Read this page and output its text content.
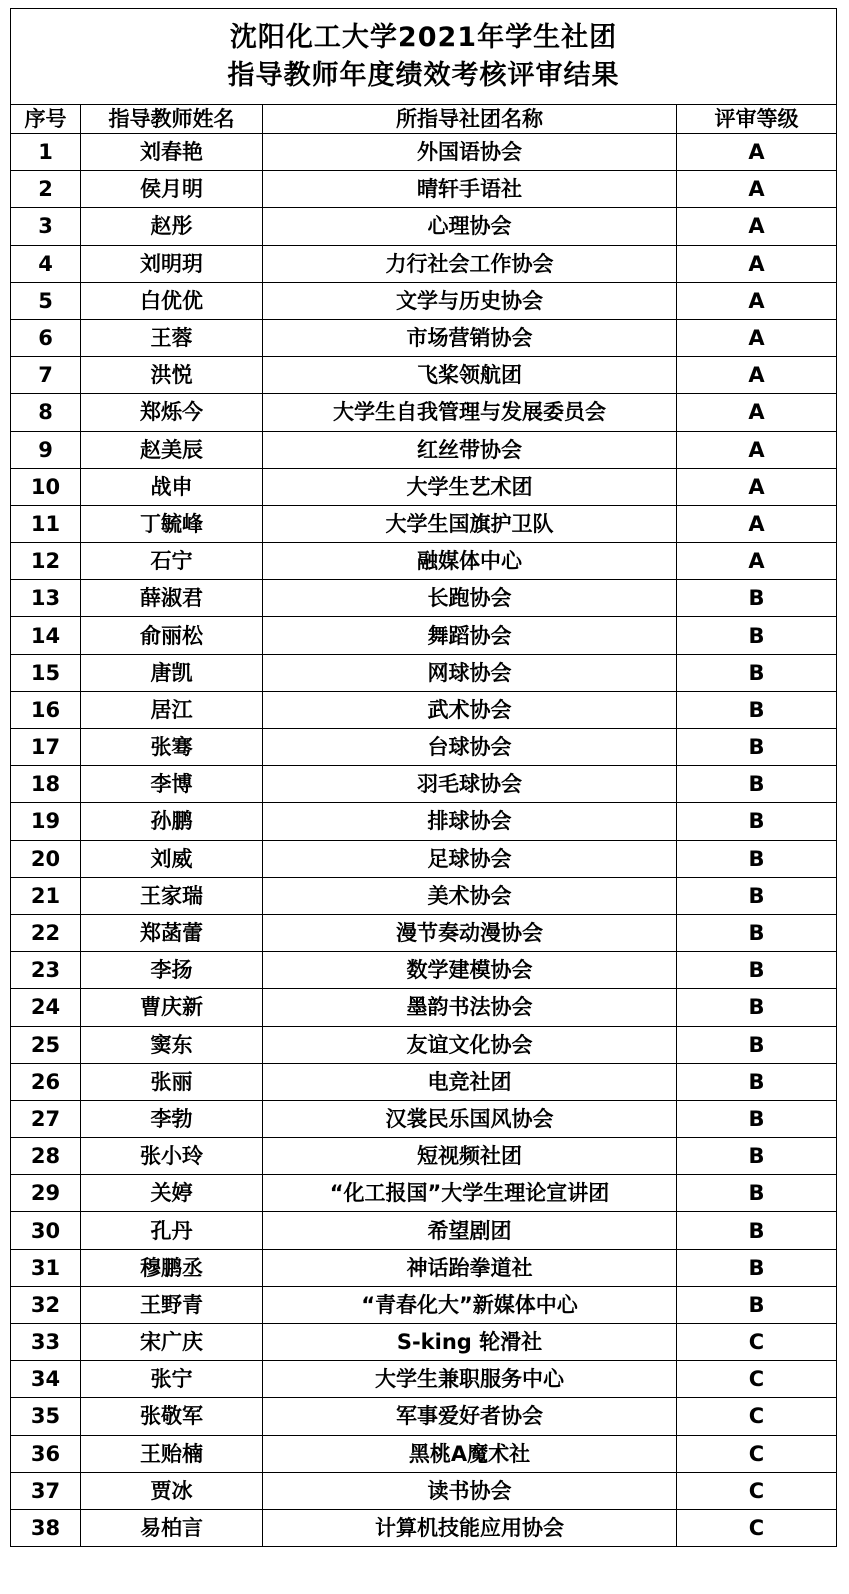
沈阳化工大学2021年学生社团
指导教师年度绩效考核评审结果			

序号	指导教师姓名	所指导社团名称	评审等级
1	刘春艳	外国语协会	A
2	侯月明	晴轩手语社	A
3	赵彤	心理协会	A
4	刘明玥	力行社会工作协会	A
5	白优优	文学与历史协会	A
6	王蓉	市场营销协会	A
7	洪悦	飞桨领航团	A
8	郑烁今	大学生自我管理与发展委员会	A
9	赵美辰	红丝带协会	A
10	战申	大学生艺术团	A
11	丁毓峰	大学生国旗护卫队	A
12	石宁	融媒体中心	A
13	薛淑君	长跑协会	B
14	俞丽松	舞蹈协会	B
15	唐凯	网球协会	B
16	居江	武术协会	B
17	张骞	台球协会	B
18	李博	羽毛球协会	B
19	孙鹏	排球协会	B
20	刘威	足球协会	B
21	王家瑞	美术协会	B
22	郑菡蕾	漫节奏动漫协会	B
23	李扬	数学建模协会	B
24	曹庆新	墨韵书法协会	B
25	窦东	友谊文化协会	B
26	张丽	电竞社团	B
27	李勃	汉裳民乐国风协会	B
28	张小玲	短视频社团	B
29	关婷	“化工报国”大学生理论宣讲团	B
30	孔丹	希望剧团	B
31	穆鹏丞	神话跆拳道社	B
32	王野青	“青春化大”新媒体中心	B
33	宋广庆	S-king 轮滑社	C
34	张宁	大学生兼职服务中心	C
35	张敬军	军事爱好者协会	C
36	王贻楠	黑桃A魔术社	C
37	贾冰	读书协会	C
38	易柏言	计算机技能应用协会	C
